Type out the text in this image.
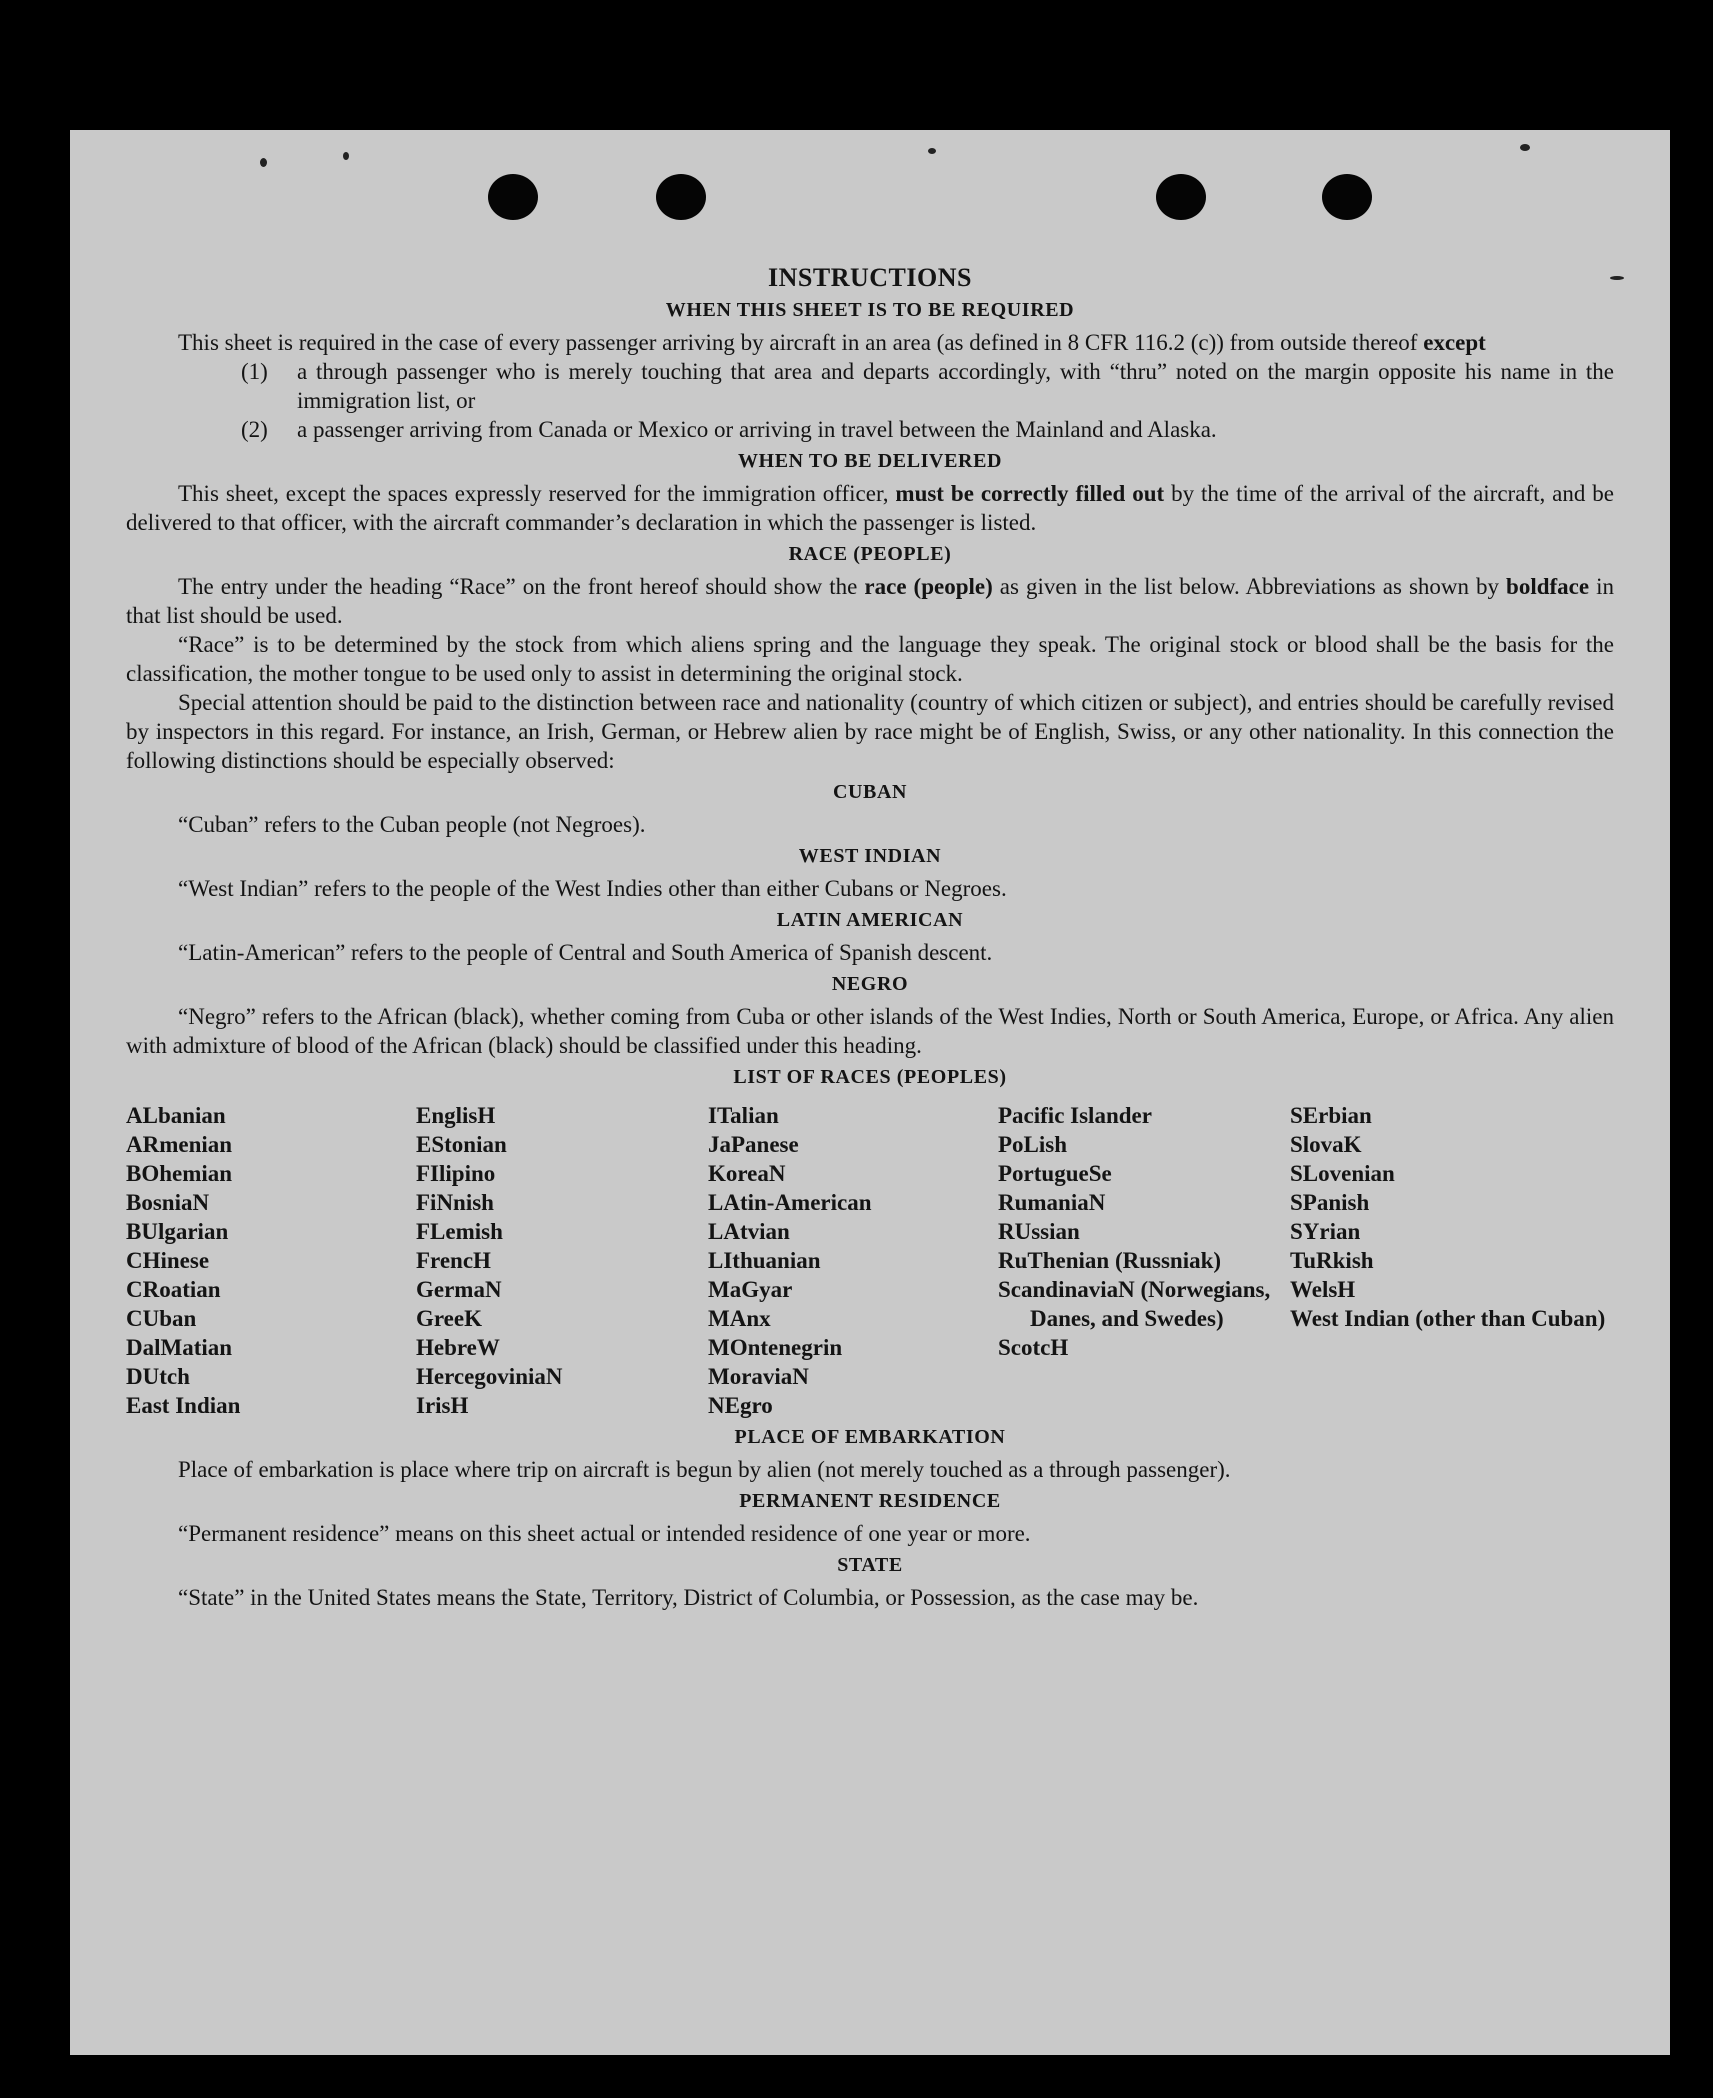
INSTRUCTIONS
WHEN THIS SHEET IS TO BE REQUIRED

This sheet is required in the case of every passenger arriving by aircraft in an area (as defined in 8 CFR 116.2 (c)) from outside thereof except

(1)	a through passenger who is merely touching that area and departs accordingly, with “thru” noted on the margin opposite his name in the immigration list, or
(2)	a passenger arriving from Canada or Mexico or arriving in travel between the Mainland and Alaska.
WHEN TO BE DELIVERED

This sheet, except the spaces expressly reserved for the immigration officer, must be correctly filled out by the time of the arrival of the aircraft, and be delivered to that officer, with the aircraft commander’s declaration in which the passenger is listed.

RACE (PEOPLE)

The entry under the heading “Race” on the front hereof should show the race (people) as given in the list below. Abbreviations as shown by boldface in that list should be used.

“Race” is to be determined by the stock from which aliens spring and the language they speak. The original stock or blood shall be the basis for the classification, the mother tongue to be used only to assist in determining the original stock.

Special attention should be paid to the distinction between race and nationality (country of which citizen or subject), and entries should be carefully revised by inspectors in this regard. For instance, an Irish, German, or Hebrew alien by race might be of English, Swiss, or any other nationality. In this connection the following distinctions should be especially observed:

CUBAN

“Cuban” refers to the Cuban people (not Negroes).

WEST INDIAN

“West Indian” refers to the people of the West Indies other than either Cubans or Negroes.

LATIN AMERICAN

“Latin-American” refers to the people of Central and South America of Spanish descent.

NEGRO

“Negro” refers to the African (black), whether coming from Cuba or other islands of the West Indies, North or South America, Europe, or Africa. Any alien with admixture of blood of the African (black) should be classified under this heading.

LIST OF RACES (PEOPLES)
ALbanian
ARmenian
BOhemian
BosniaN
BUlgarian
CHinese
CRoatian
CUban
DalMatian
DUtch
East Indian
EnglisH
EStonian
FIlipino
FiNnish
FLemish
FrencH
GermaN
GreeK
HebreW
HercegoviniaN
IrisH
ITalian
JaPanese
KoreaN
LAtin-American
LAtvian
LIthuanian
MaGyar
MAnx
MOntenegrin
MoraviaN
NEgro
Pacific Islander
PoLish
PortugueSe
RumaniaN
RUssian
RuThenian (Russniak)
ScandinaviaN (Norwegians, Danes, and Swedes)
ScotcH
SErbian
SlovaK
SLovenian
SPanish
SYrian
TuRkish
WelsH
West Indian (other than Cuban)
PLACE OF EMBARKATION

Place of embarkation is place where trip on aircraft is begun by alien (not merely touched as a through passenger).

PERMANENT RESIDENCE

“Permanent residence” means on this sheet actual or intended residence of one year or more.

STATE

“State” in the United States means the State, Territory, District of Columbia, or Possession, as the case may be.
